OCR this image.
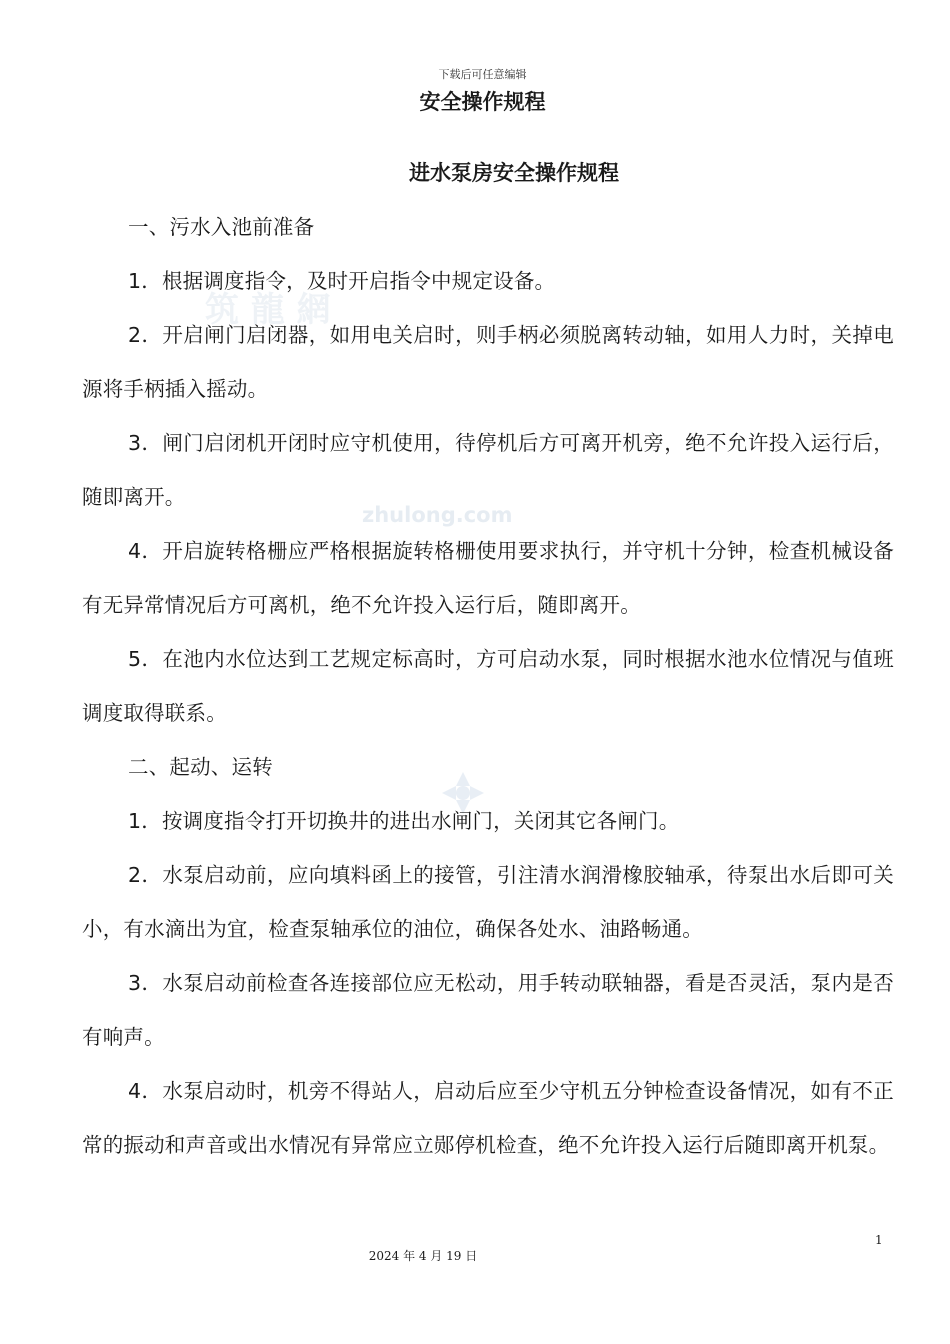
筑 龍 網
zhulong.com
下载后可任意编辑
安全操作规程
进水泵房安全操作规程

一、污水入池前准备

1．根据调度指令，及时开启指令中规定设备。

2．开启闸门启闭器，如用电关启时，则手柄必须脱离转动轴，如用人力时，关掉电源将手柄插入摇动。

3．闸门启闭机开闭时应守机使用，待停机后方可离开机旁，绝不允许投入运行后，随即离开。

4．开启旋转格栅应严格根据旋转格栅使用要求执行，并守机十分钟，检查机械设备有无异常情况后方可离机，绝不允许投入运行后，随即离开。

5．在池内水位达到工艺规定标高时，方可启动水泵，同时根据水池水位情况与值班调度取得联系。

二、起动、运转

1．按调度指令打开切换井的进出水闸门，关闭其它各闸门。

2．水泵启动前，应向填料函上的接管，引注清水润滑橡胶轴承，待泵出水后即可关小，有水滴出为宜，检查泵轴承位的油位，确保各处水、油路畅通。

3．水泵启动前检查各连接部位应无松动，用手转动联轴器，看是否灵活，泵内是否有响声。

4．水泵启动时，机旁不得站人，启动后应至少守机五分钟检查设备情况，如有不正常的振动和声音或出水情况有异常应立郧停机检查，绝不允许投入运行后随即离开机泵。

1
2024 年 4 月 19 日
